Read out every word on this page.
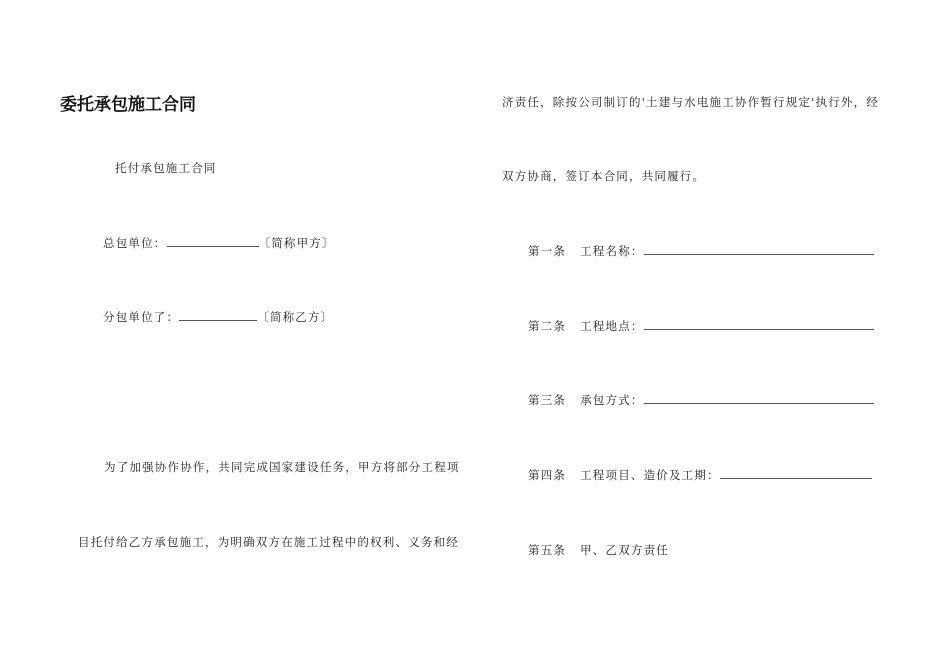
委托承包施工合同
托付承包施工合同
总包单位：	〔简称甲方〕
分包单位了：	〔简称乙方〕
为了加强协作协作，共同完成国家建设任务，甲方将部分工程项
目托付给乙方承包施工，为明确双方在施工过程中的权利、义务和经
济责任，除按公司制订的'土建与水电施工协作暂行规定'执行外，经
双方协商，签订本合同，共同履行。
第一条 工程名称：
第二条 工程地点：
第三条 承包方式：
第四条 工程项目、造价及工期：
第五条 甲、乙双方责任
